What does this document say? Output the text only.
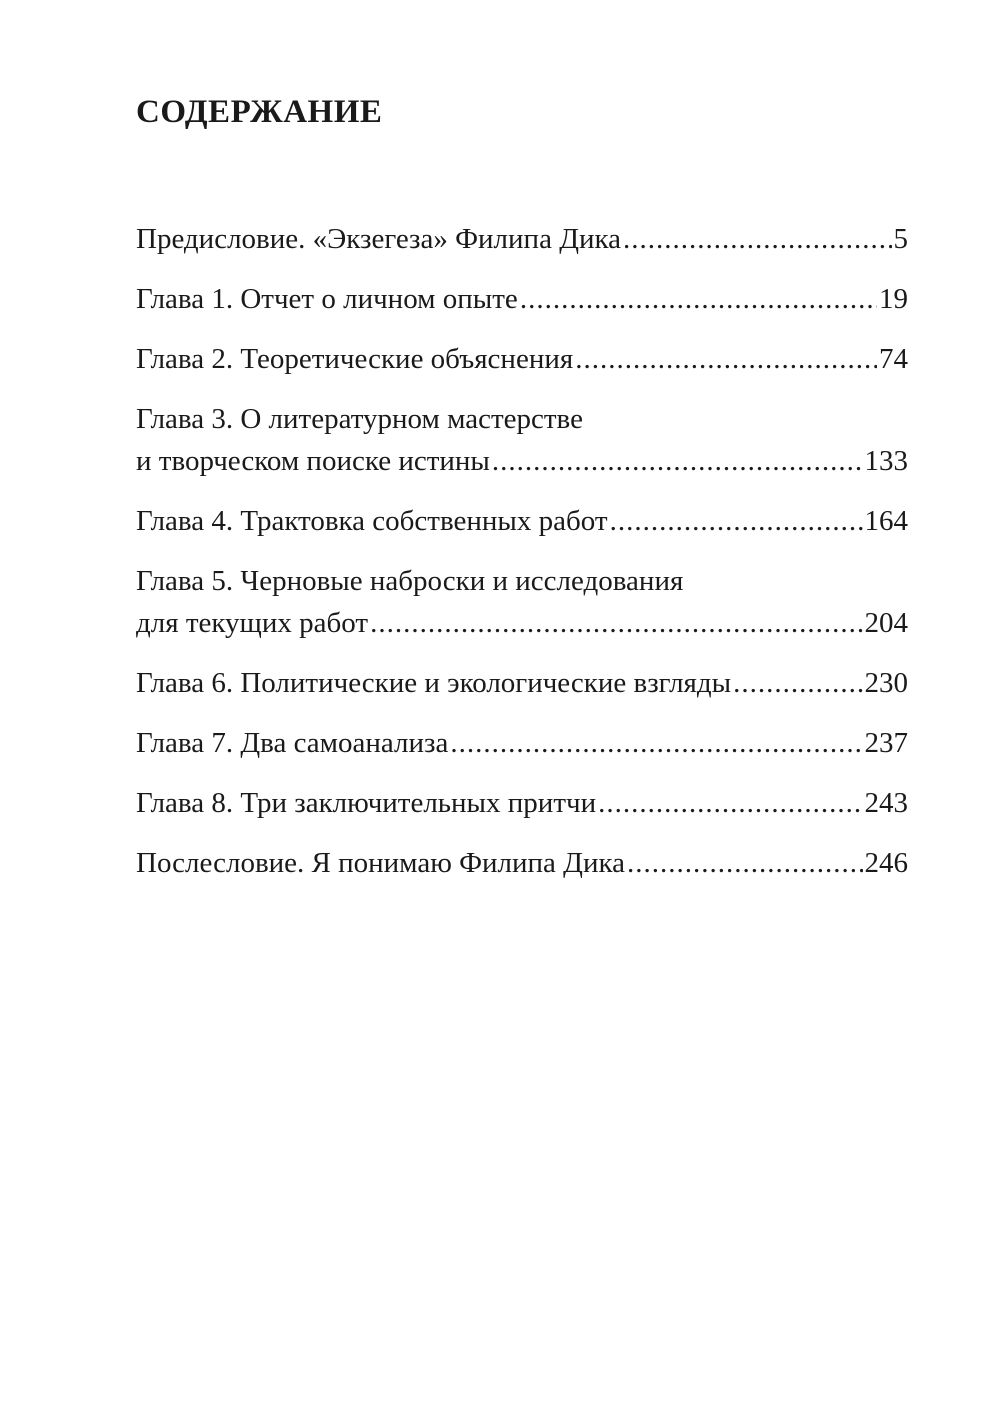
СОДЕРЖАНИЕ
Предисловие. «Экзегеза» Филипа Дика .....	5
Глава 1. Отчет о личном опыте .....	19
Глава 2. Теоретические объяснения .....	74
Глава 3. О литературном мастерстве
и творческом поиске истины .....	133
Глава 4. Трактовка собственных работ .....	164
Глава 5. Черновые наброски и исследования
для текущих работ .....	204
Глава 6. Политические и экологические взгляды .....	230
Глава 7. Два самоанализа .....	237
Глава 8. Три заключительных притчи .....	243
Послесловие. Я понимаю Филипа Дика .....	246
